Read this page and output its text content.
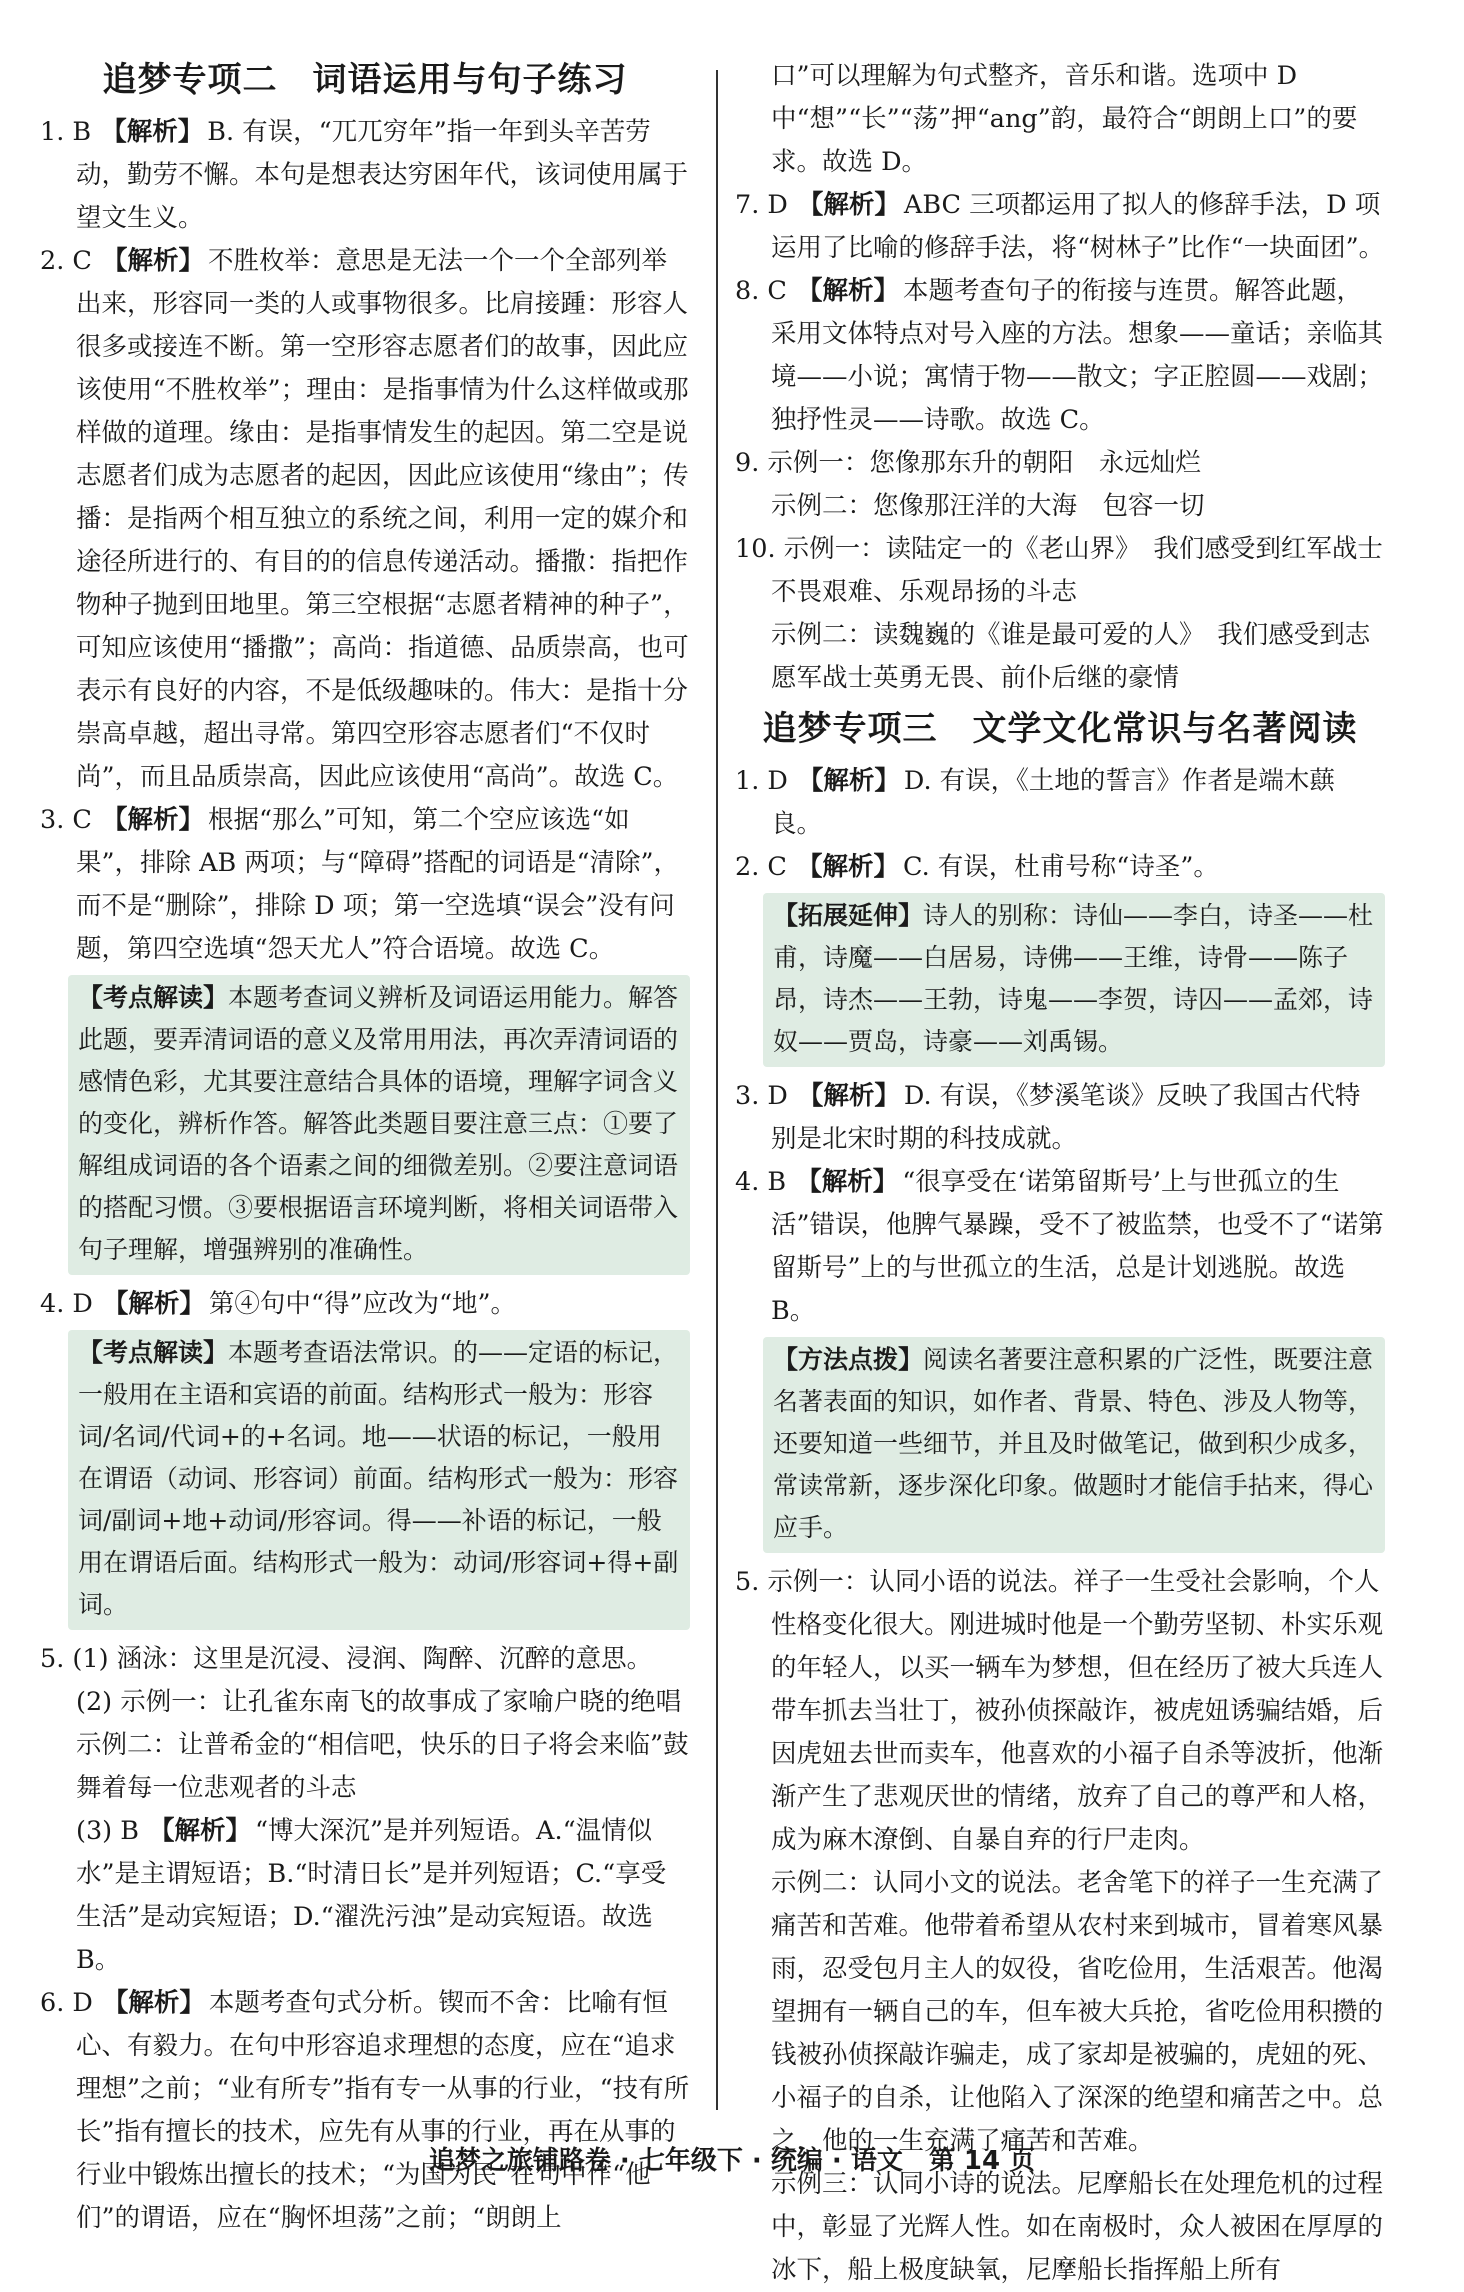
追梦专项二　词语运用与句子练习

1. B 【解析】 B. 有误，“兀兀穷年”指一年到头辛苦劳动，勤劳不懈。本句是想表达穷困年代，该词使用属于望文生义。

2. C 【解析】 不胜枚举：意思是无法一个一个全部列举出来，形容同一类的人或事物很多。比肩接踵：形容人很多或接连不断。第一空形容志愿者们的故事，因此应该使用“不胜枚举”；理由：是指事情为什么这样做或那样做的道理。缘由：是指事情发生的起因。第二空是说志愿者们成为志愿者的起因，因此应该使用“缘由”；传播：是指两个相互独立的系统之间，利用一定的媒介和途径所进行的、有目的的信息传递活动。播撒：指把作物种子抛到田地里。第三空根据“志愿者精神的种子”，可知应该使用“播撒”；高尚：指道德、品质崇高，也可表示有良好的内容，不是低级趣味的。伟大：是指十分崇高卓越，超出寻常。第四空形容志愿者们“不仅时尚”，而且品质崇高，因此应该使用“高尚”。故选 C。

3. C 【解析】 根据“那么”可知，第二个空应该选“如果”，排除 AB 两项；与“障碍”搭配的词语是“清除”，而不是“删除”，排除 D 项；第一空选填“误会”没有问题，第四空选填“怨天尤人”符合语境。故选 C。

【考点解读】本题考查词义辨析及词语运用能力。解答此题，要弄清词语的意义及常用用法，再次弄清词语的感情色彩，尤其要注意结合具体的语境，理解字词含义的变化，辨析作答。解答此类题目要注意三点：①要了解组成词语的各个语素之间的细微差别。②要注意词语的搭配习惯。③要根据语言环境判断，将相关词语带入句子理解，增强辨别的准确性。

4. D 【解析】 第④句中“得”应改为“地”。

【考点解读】本题考查语法常识。的——定语的标记，一般用在主语和宾语的前面。结构形式一般为：形容词/名词/代词+的+名词。地——状语的标记，一般用在谓语（动词、形容词）前面。结构形式一般为：形容词/副词+地+动词/形容词。得——补语的标记，一般用在谓语后面。结构形式一般为：动词/形容词+得+副词。

5. (1) 涵泳：这里是沉浸、浸润、陶醉、沉醉的意思。

(2) 示例一：让孔雀东南飞的故事成了家喻户晓的绝唱

示例二：让普希金的“相信吧，快乐的日子将会来临”鼓舞着每一位悲观者的斗志

(3) B 【解析】 “博大深沉”是并列短语。A.“温情似水”是主谓短语；B.“时清日长”是并列短语；C.“享受生活”是动宾短语；D.“濯洗污浊”是动宾短语。故选 B。

6. D 【解析】 本题考查句式分析。锲而不舍：比喻有恒心、有毅力。在句中形容追求理想的态度，应在“追求理想”之前；“业有所专”指有专一从事的行业，“技有所长”指有擅长的技术，应先有从事的行业，再在从事的行业中锻炼出擅长的技术；“为国为民”在句中作“他们”的谓语，应在“胸怀坦荡”之前；“朗朗上

口”可以理解为句式整齐，音乐和谐。选项中 D 中“想”“长”“荡”押“ang”韵，最符合“朗朗上口”的要求。故选 D。

7. D 【解析】 ABC 三项都运用了拟人的修辞手法，D 项运用了比喻的修辞手法，将“树林子”比作“一块面团”。

8. C 【解析】 本题考查句子的衔接与连贯。解答此题，采用文体特点对号入座的方法。想象——童话；亲临其境——小说；寓情于物——散文；字正腔圆——戏剧；独抒性灵——诗歌。故选 C。

9. 示例一：您像那东升的朝阳　永远灿烂

示例二：您像那汪洋的大海　包容一切

10. 示例一：读陆定一的《老山界》　我们感受到红军战士不畏艰难、乐观昂扬的斗志

示例二：读魏巍的《谁是最可爱的人》　我们感受到志愿军战士英勇无畏、前仆后继的豪情

追梦专项三　文学文化常识与名著阅读

1. D 【解析】 D. 有误，《土地的誓言》作者是端木蕻良。

2. C 【解析】 C. 有误，杜甫号称“诗圣”。

【拓展延伸】诗人的别称：诗仙——李白，诗圣——杜甫，诗魔——白居易，诗佛——王维，诗骨——陈子昂，诗杰——王勃，诗鬼——李贺，诗囚——孟郊，诗奴——贾岛，诗豪——刘禹锡。

3. D 【解析】 D. 有误，《梦溪笔谈》反映了我国古代特别是北宋时期的科技成就。

4. B 【解析】 “很享受在‘诺第留斯号’上与世孤立的生活”错误，他脾气暴躁，受不了被监禁，也受不了“诺第留斯号”上的与世孤立的生活，总是计划逃脱。故选 B。

【方法点拨】阅读名著要注意积累的广泛性，既要注意名著表面的知识，如作者、背景、特色、涉及人物等，还要知道一些细节，并且及时做笔记，做到积少成多，常读常新，逐步深化印象。做题时才能信手拈来，得心应手。

5. 示例一：认同小语的说法。祥子一生受社会影响，个人性格变化很大。刚进城时他是一个勤劳坚韧、朴实乐观的年轻人，以买一辆车为梦想，但在经历了被大兵连人带车抓去当壮丁，被孙侦探敲诈，被虎妞诱骗结婚，后因虎妞去世而卖车，他喜欢的小福子自杀等波折，他渐渐产生了悲观厌世的情绪，放弃了自己的尊严和人格，成为麻木潦倒、自暴自弃的行尸走肉。

示例二：认同小文的说法。老舍笔下的祥子一生充满了痛苦和苦难。他带着希望从农村来到城市，冒着寒风暴雨，忍受包月主人的奴役，省吃俭用，生活艰苦。他渴望拥有一辆自己的车，但车被大兵抢，省吃俭用积攒的钱被孙侦探敲诈骗走，成了家却是被骗的，虎妞的死、小福子的自杀，让他陷入了深深的绝望和痛苦之中。总之，他的一生充满了痛苦和苦难。

示例三：认同小诗的说法。尼摩船长在处理危机的过程中，彰显了光辉人性。如在南极时，众人被困在厚厚的冰下，船上极度缺氧，尼摩船长指挥船上所有

追梦之旅铺路卷 · 七年级下 · 统编 · 语文　第 14 页
